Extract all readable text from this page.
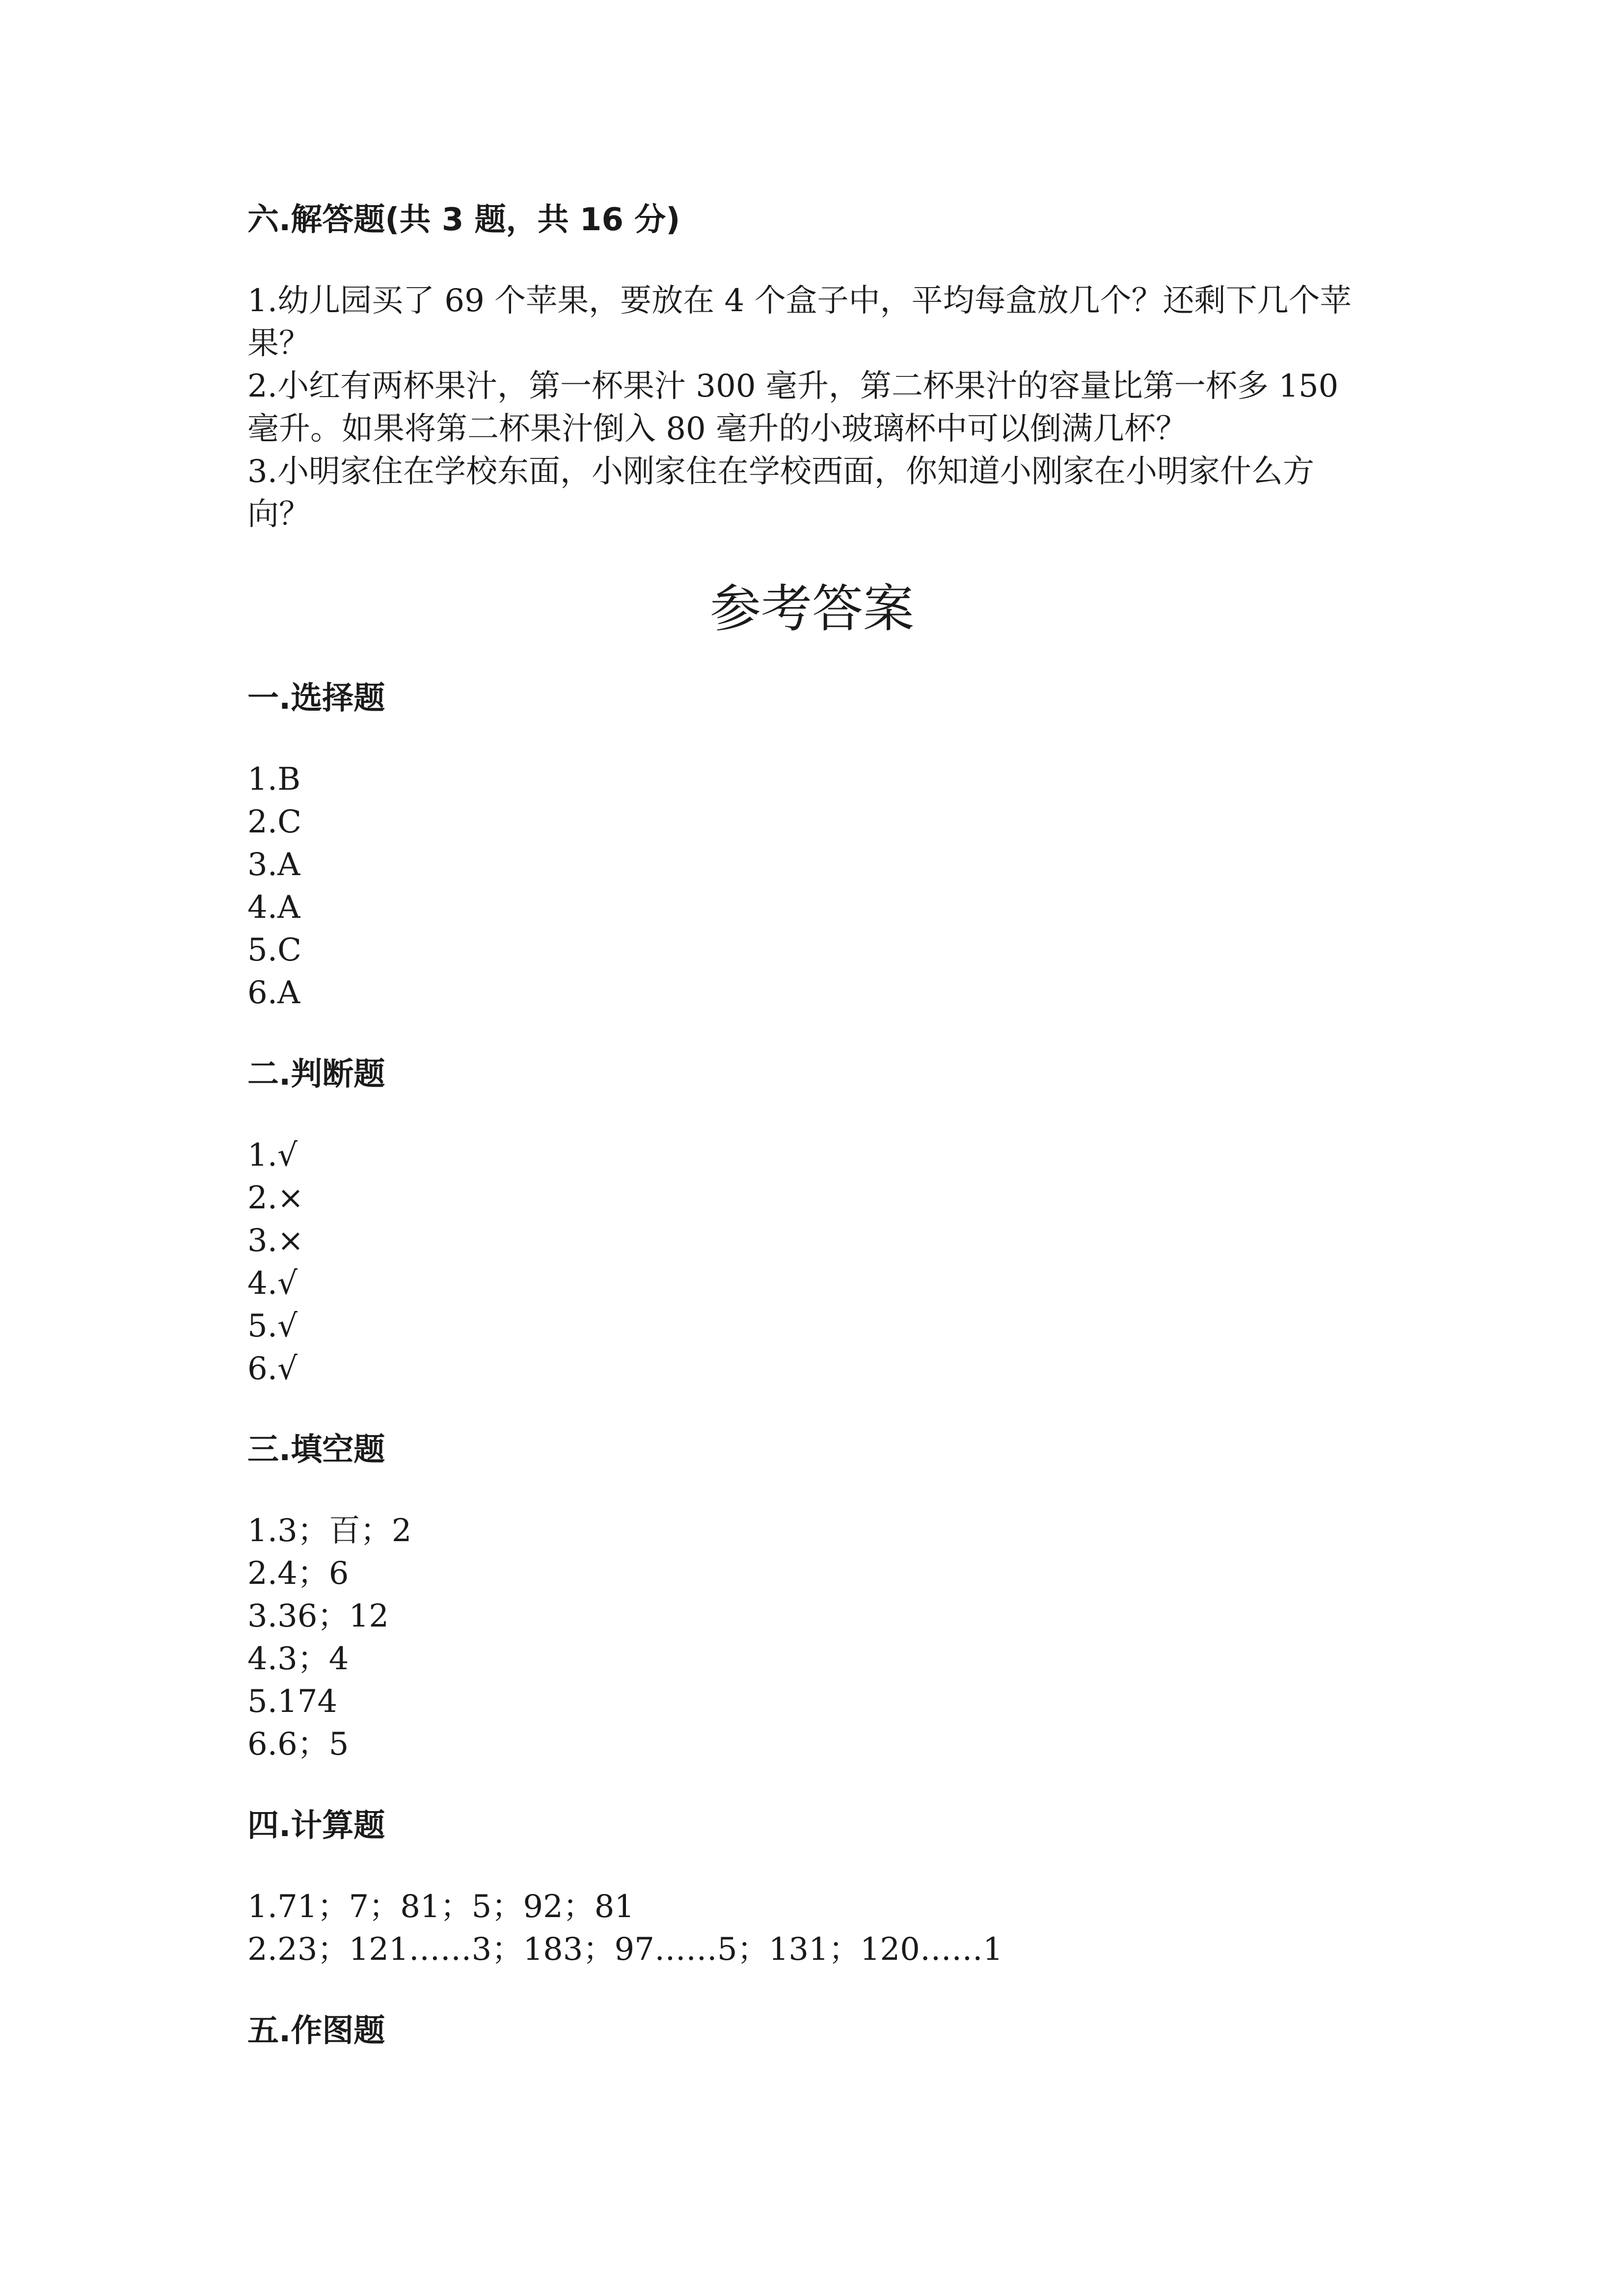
六.解答题(共 3 题，共 16 分)

1.幼儿园买了 69 个苹果，要放在 4 个盒子中，平均每盒放几个？还剩下几个苹

果？

2.小红有两杯果汁，第一杯果汁 300 毫升，第二杯果汁的容量比第一杯多 150

毫升。如果将第二杯果汁倒入 80 毫升的小玻璃杯中可以倒满几杯？

3.小明家住在学校东面，小刚家住在学校西面，你知道小刚家在小明家什么方

向？

参考答案
一.选择题
1.B
2.C
3.A
4.A
5.C
6.A
二.判断题
1.√
2.×
3.×
4.√
5.√
6.√
三.填空题
1.3；百；2
2.4；6
3.36；12
4.3；4
5.174
6.6；5
四.计算题
1.71；7；81；5；92；81
2.23；121……3；183；97……5；131；120……1
五.作图题
